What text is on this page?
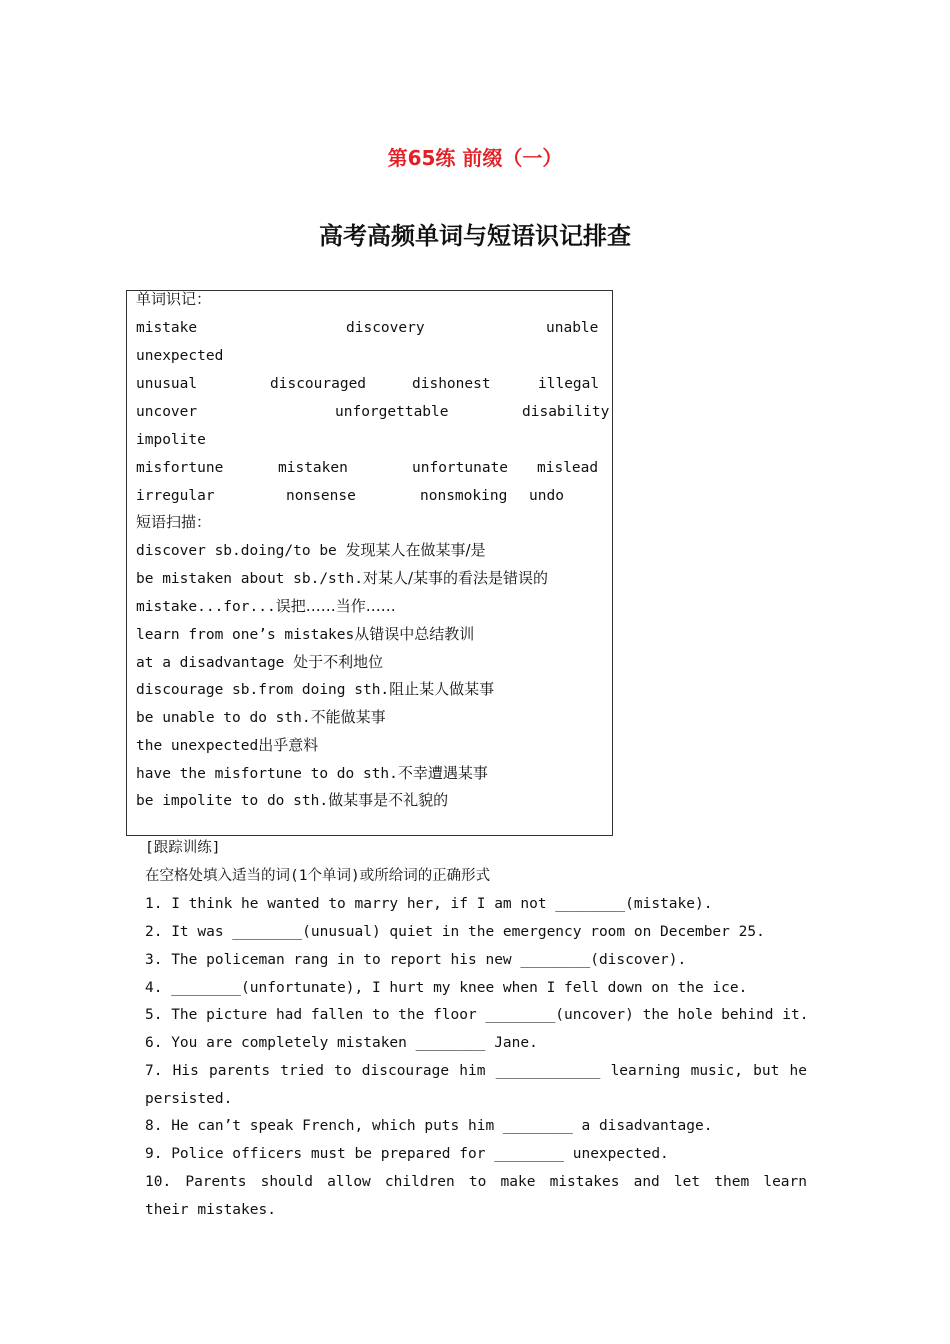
第65练 前缀（一）
高考高频单词与短语识记排查
单词识记：
mistake	discovery	unable
unexpected
unusual	discouraged	dishonest	illegal
uncover	unforgettable	disability
impolite
misfortune	mistaken	unfortunate mislead
irregular	nonsense	nonsmoking undo
短语扫描：
discover sb.doing/to be 发现某人在做某事/是
be mistaken about sb./sth.对某人/某事的看法是错误的
mistake...for...误把……当作……
learn from one’s mistakes从错误中总结教训
at a disadvantage 处于不利地位
discourage sb.from doing sth.阻止某人做某事
be unable to do sth.不能做某事
the unexpected出乎意料
have the misfortune to do sth.不幸遭遇某事
be impolite to do sth.做某事是不礼貌的
[跟踪训练]
在空格处填入适当的词(1个单词)或所给词的正确形式
1. I think he wanted to marry her, if I am not ________(mistake).
2. It was ________(unusual) quiet in the emergency room on December 25.
3. The policeman rang in to report his new ________(discover).
4. ________(unfortunate), I hurt my knee when I fell down on the ice.
5. The picture had fallen to the floor ________(uncover) the hole behind it.
6. You are completely mistaken ________ Jane.
7. His parents tried to discourage him ____________ learning music, but he
persisted.
8. He can’t speak French, which puts him ________ a disadvantage.
9. Police officers must be prepared for ________ unexpected.
10. Parents should allow children to make mistakes and let them learn
their mistakes.
